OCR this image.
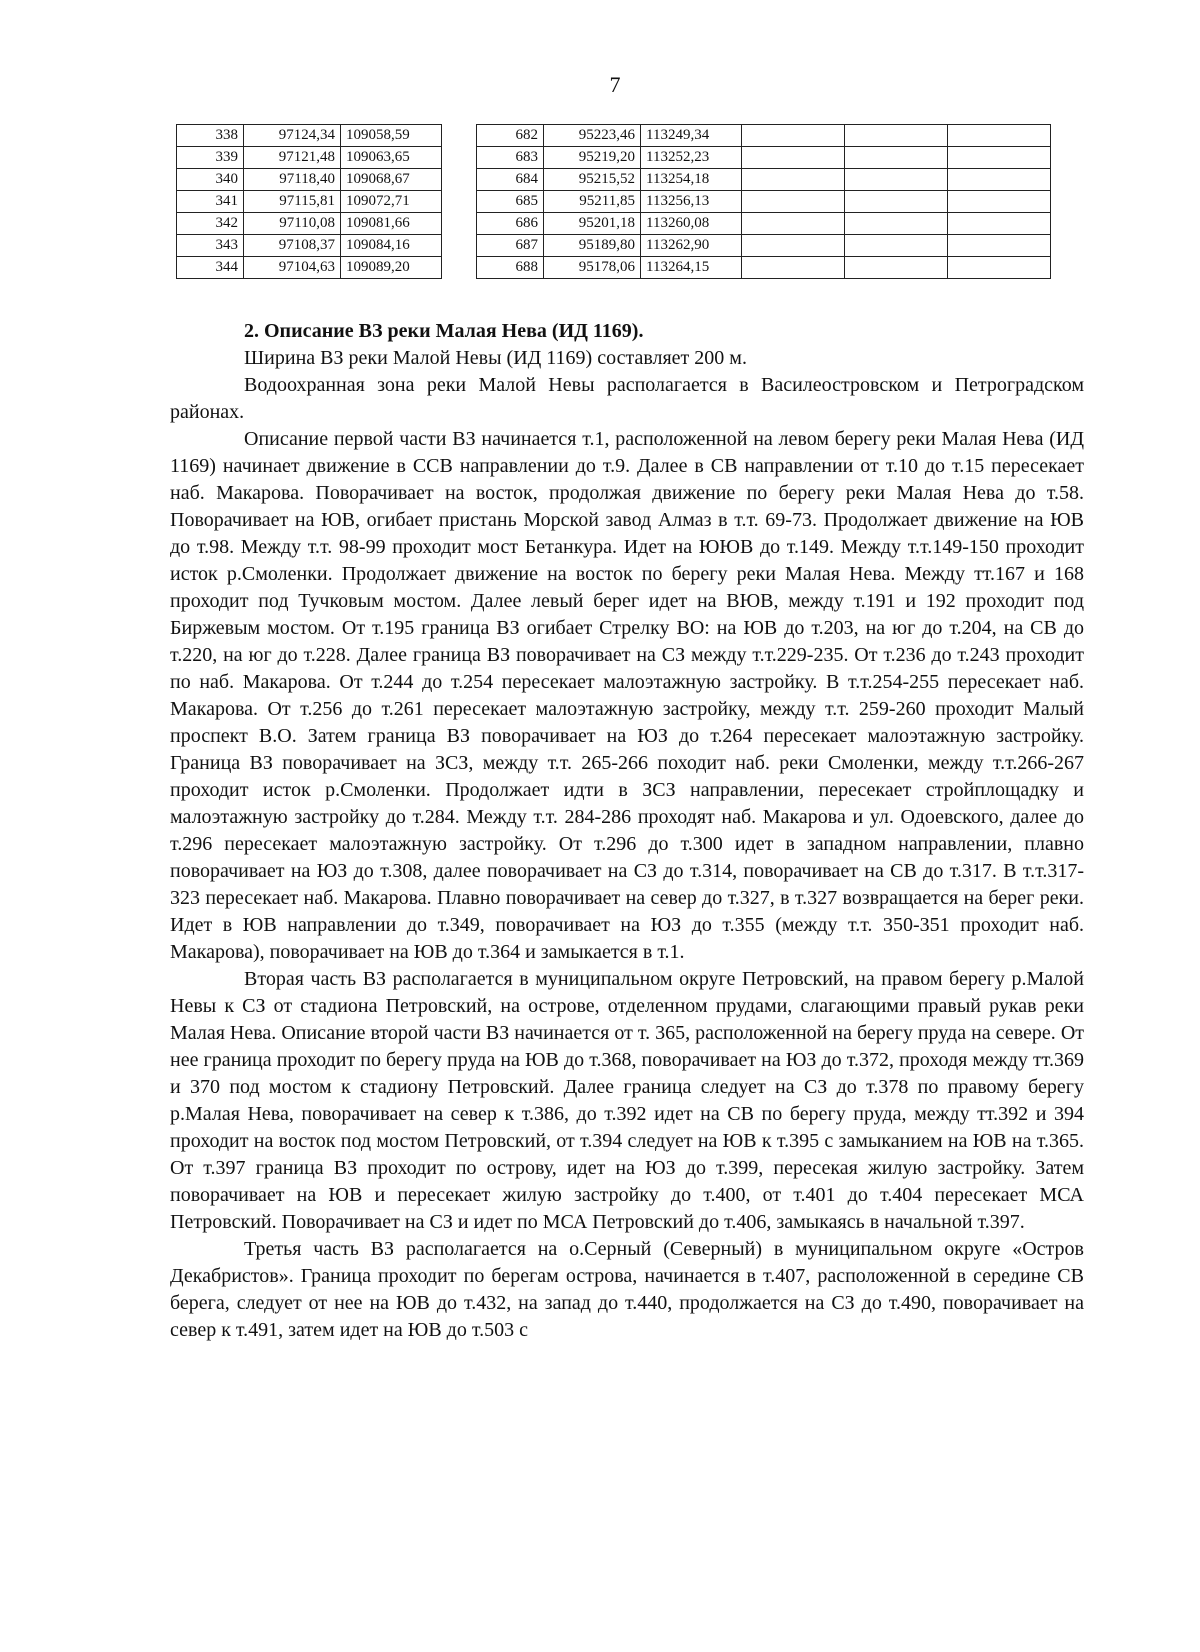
7
338	97124,34	109058,59		682	95223,46	113249,34			
339	97121,48	109063,65		683	95219,20	113252,23			
340	97118,40	109068,67		684	95215,52	113254,18			
341	97115,81	109072,71		685	95211,85	113256,13			
342	97110,08	109081,66		686	95201,18	113260,08			
343	97108,37	109084,16		687	95189,80	113262,90			
344	97104,63	109089,20		688	95178,06	113264,15			
2. Описание ВЗ реки Малая Нева (ИД 1169).

Ширина ВЗ реки Малой Невы (ИД 1169) составляет 200 м.

Водоохранная зона реки Малой Невы располагается в Василеостровском и Петроградском районах.

Описание первой части ВЗ начинается т.1, расположенной на левом берегу реки Малая Нева (ИД 1169) начинает движение в ССВ направлении до т.9. Далее в СВ направлении от т.10 до т.15 пересекает наб. Макарова. Поворачивает на восток, продолжая движение по берегу реки Малая Нева до т.58. Поворачивает на ЮВ, огибает пристань Морской завод Алмаз в т.т. 69-73. Продолжает движение на ЮВ до т.98. Между т.т. 98-99 проходит мост Бетанкура. Идет на ЮЮВ до т.149. Между т.т.149-150 проходит исток р.Смоленки. Продолжает движение на восток по берегу реки Малая Нева. Между тт.167 и 168 проходит под Тучковым мостом. Далее левый берег идет на ВЮВ, между т.191 и 192 проходит под Биржевым мостом. От т.195 граница ВЗ огибает Стрелку ВО: на ЮВ до т.203, на юг до т.204, на СВ до т.220, на юг до т.228. Далее граница ВЗ поворачивает на СЗ между т.т.229-235. От т.236 до т.243 проходит по наб. Макарова. От т.244 до т.254 пересекает малоэтажную застройку. В т.т.254-255 пересекает наб. Макарова. От т.256 до т.261 пересекает малоэтажную застройку, между т.т. 259-260 проходит Малый проспект В.О. Затем граница ВЗ поворачивает на ЮЗ до т.264 пересекает малоэтажную застройку. Граница ВЗ поворачивает на ЗСЗ, между т.т. 265-266 походит наб. реки Смоленки, между т.т.266-267 проходит исток р.Смоленки. Продолжает идти в ЗСЗ направлении, пересекает стройплощадку и малоэтажную застройку до т.284. Между т.т. 284-286 проходят наб. Макарова и ул. Одоевского, далее до т.296 пересекает малоэтажную застройку. От т.296 до т.300 идет в западном направлении, плавно поворачивает на ЮЗ до т.308, далее поворачивает на СЗ до т.314, поворачивает на СВ до т.317. В т.т.317-323 пересекает наб. Макарова. Плавно поворачивает на север до т.327, в т.327 возвращается на берег реки. Идет в ЮВ направлении до т.349, поворачивает на ЮЗ до т.355 (между т.т. 350-351 проходит наб. Макарова), поворачивает на ЮВ до т.364 и замыкается в т.1.

Вторая часть ВЗ располагается в муниципальном округе Петровский, на правом берегу р.Малой Невы к СЗ от стадиона Петровский, на острове, отделенном прудами, слагающими правый рукав реки Малая Нева. Описание второй части ВЗ начинается от т. 365, расположенной на берегу пруда на севере. От нее граница проходит по берегу пруда на ЮВ до т.368, поворачивает на ЮЗ до т.372, проходя между тт.369 и 370 под мостом к стадиону Петровский. Далее граница следует на СЗ до т.378 по правому берегу р.Малая Нева, поворачивает на север к т.386, до т.392 идет на СВ по берегу пруда, между тт.392 и 394 проходит на восток под мостом Петровский, от т.394 следует на ЮВ к т.395 с замыканием на ЮВ на т.365. От т.397 граница ВЗ проходит по острову, идет на ЮЗ до т.399, пересекая жилую застройку. Затем поворачивает на ЮВ и пересекает жилую застройку до т.400, от т.401 до т.404 пересекает МСА Петровский. Поворачивает на СЗ и идет по МСА Петровский до т.406, замыкаясь в начальной т.397.

Третья часть ВЗ располагается на о.Серный (Северный) в муниципальном округе «Остров Декабристов». Граница проходит по берегам острова, начинается в т.407, расположенной в середине СВ берега, следует от нее на ЮВ до т.432, на запад до т.440, продолжается на СЗ до т.490, поворачивает на север к т.491, затем идет на ЮВ до т.503 с
